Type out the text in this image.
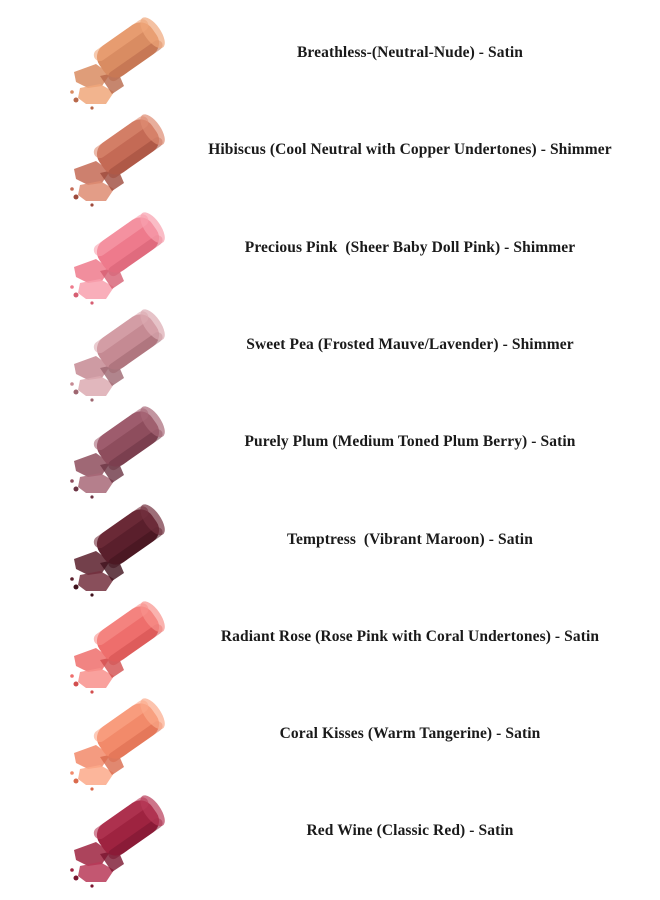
Breathless-(Neutral-Nude) - Satin
Hibiscus (Cool Neutral with Copper Undertones) - Shimmer
Precious Pink  (Sheer Baby Doll Pink) - Shimmer
Sweet Pea (Frosted Mauve/Lavender) - Shimmer
Purely Plum (Medium Toned Plum Berry) - Satin
Temptress  (Vibrant Maroon) - Satin
Radiant Rose (Rose Pink with Coral Undertones) - Satin
Coral Kisses (Warm Tangerine) - Satin
Red Wine (Classic Red) - Satin
